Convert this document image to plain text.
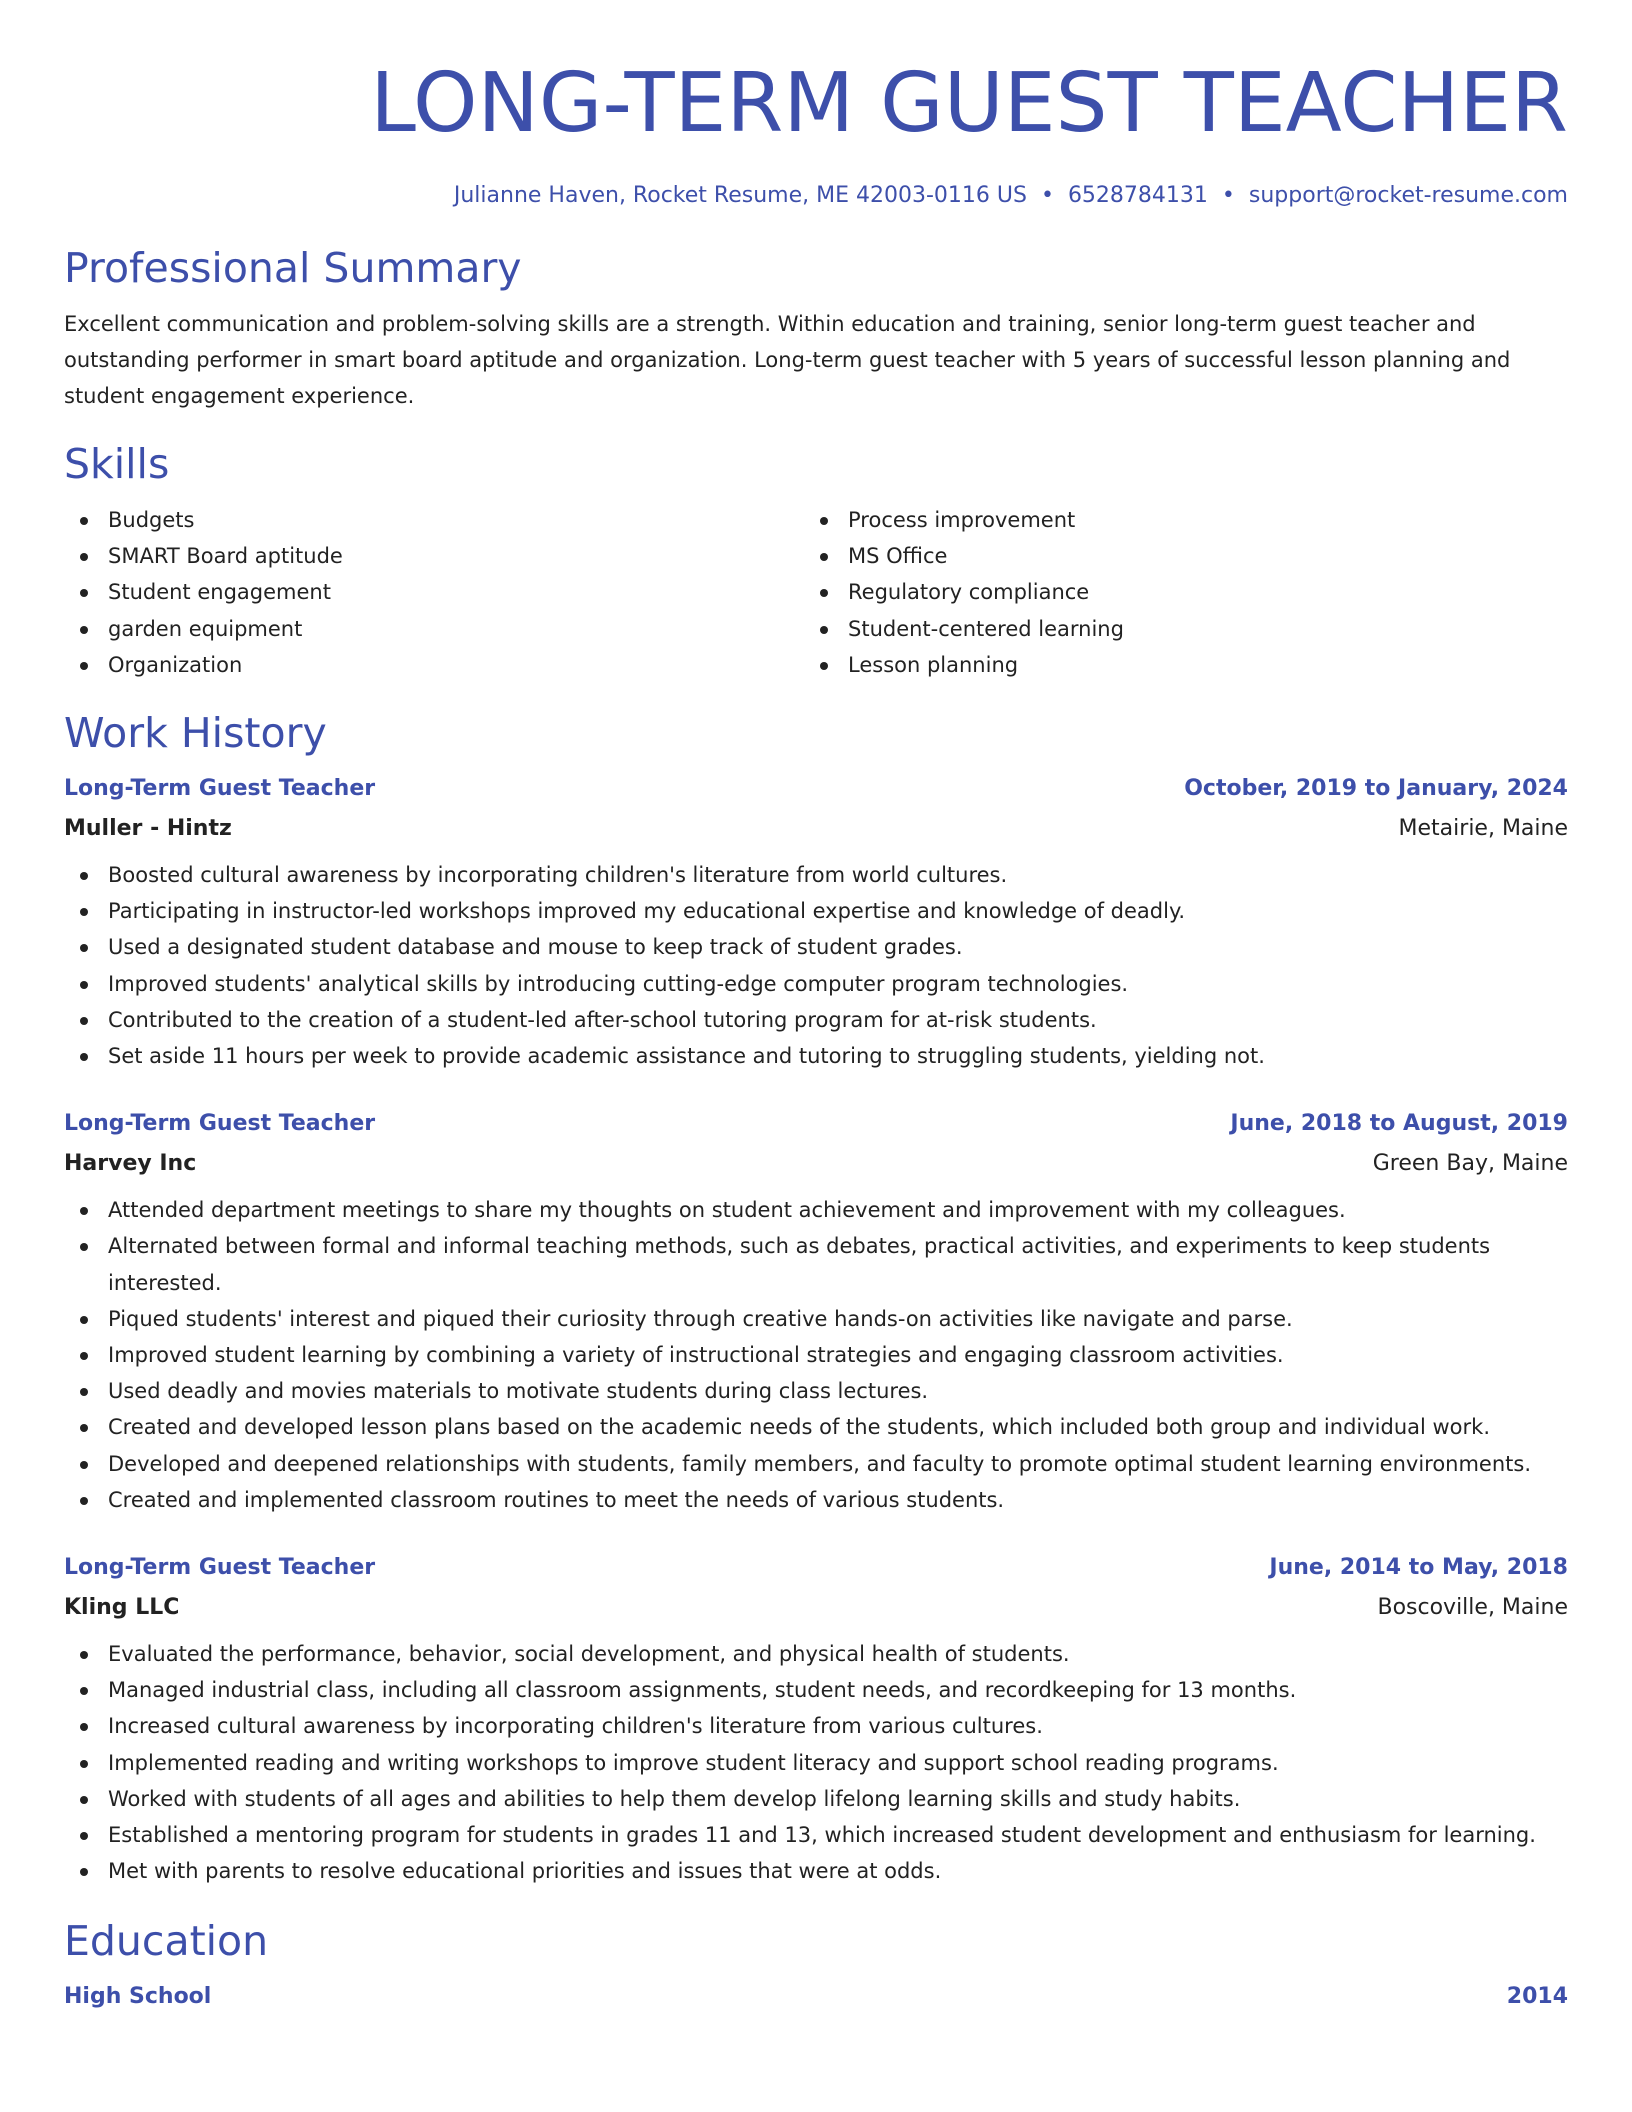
LONG-TERM GUEST TEACHER
Julianne Haven, Rocket Resume, ME 42003-0116 US • 6528784131 • support@rocket-resume.com
Professional Summary

Excellent communication and problem-solving skills are a strength. Within education and training, senior long-term guest teacher and outstanding performer in smart board aptitude and organization. Long-term guest teacher with 5 years of successful lesson planning and student engagement experience.

Skills
Budgets
SMART Board aptitude
Student engagement
garden equipment
Organization
Process improvement
MS Office
Regulatory compliance
Student-centered learning
Lesson planning
Work History
Long-Term Guest Teacher	October, 2019 to January, 2024
Muller - Hintz	Metairie, Maine
Boosted cultural awareness by incorporating children's literature from world cultures.
Participating in instructor-led workshops improved my educational expertise and knowledge of deadly.
Used a designated student database and mouse to keep track of student grades.
Improved students' analytical skills by introducing cutting-edge computer program technologies.
Contributed to the creation of a student-led after-school tutoring program for at-risk students.
Set aside 11 hours per week to provide academic assistance and tutoring to struggling students, yielding not.
Long-Term Guest Teacher	June, 2018 to August, 2019
Harvey Inc	Green Bay, Maine
Attended department meetings to share my thoughts on student achievement and improvement with my colleagues.
Alternated between formal and informal teaching methods, such as debates, practical activities, and experiments to keep students interested.
Piqued students' interest and piqued their curiosity through creative hands-on activities like navigate and parse.
Improved student learning by combining a variety of instructional strategies and engaging classroom activities.
Used deadly and movies materials to motivate students during class lectures.
Created and developed lesson plans based on the academic needs of the students, which included both group and individual work.
Developed and deepened relationships with students, family members, and faculty to promote optimal student learning environments.
Created and implemented classroom routines to meet the needs of various students.
Long-Term Guest Teacher	June, 2014 to May, 2018
Kling LLC	Boscoville, Maine
Evaluated the performance, behavior, social development, and physical health of students.
Managed industrial class, including all classroom assignments, student needs, and recordkeeping for 13 months.
Increased cultural awareness by incorporating children's literature from various cultures.
Implemented reading and writing workshops to improve student literacy and support school reading programs.
Worked with students of all ages and abilities to help them develop lifelong learning skills and study habits.
Established a mentoring program for students in grades 11 and 13, which increased student development and enthusiasm for learning.
Met with parents to resolve educational priorities and issues that were at odds.
Education
High School	2014
